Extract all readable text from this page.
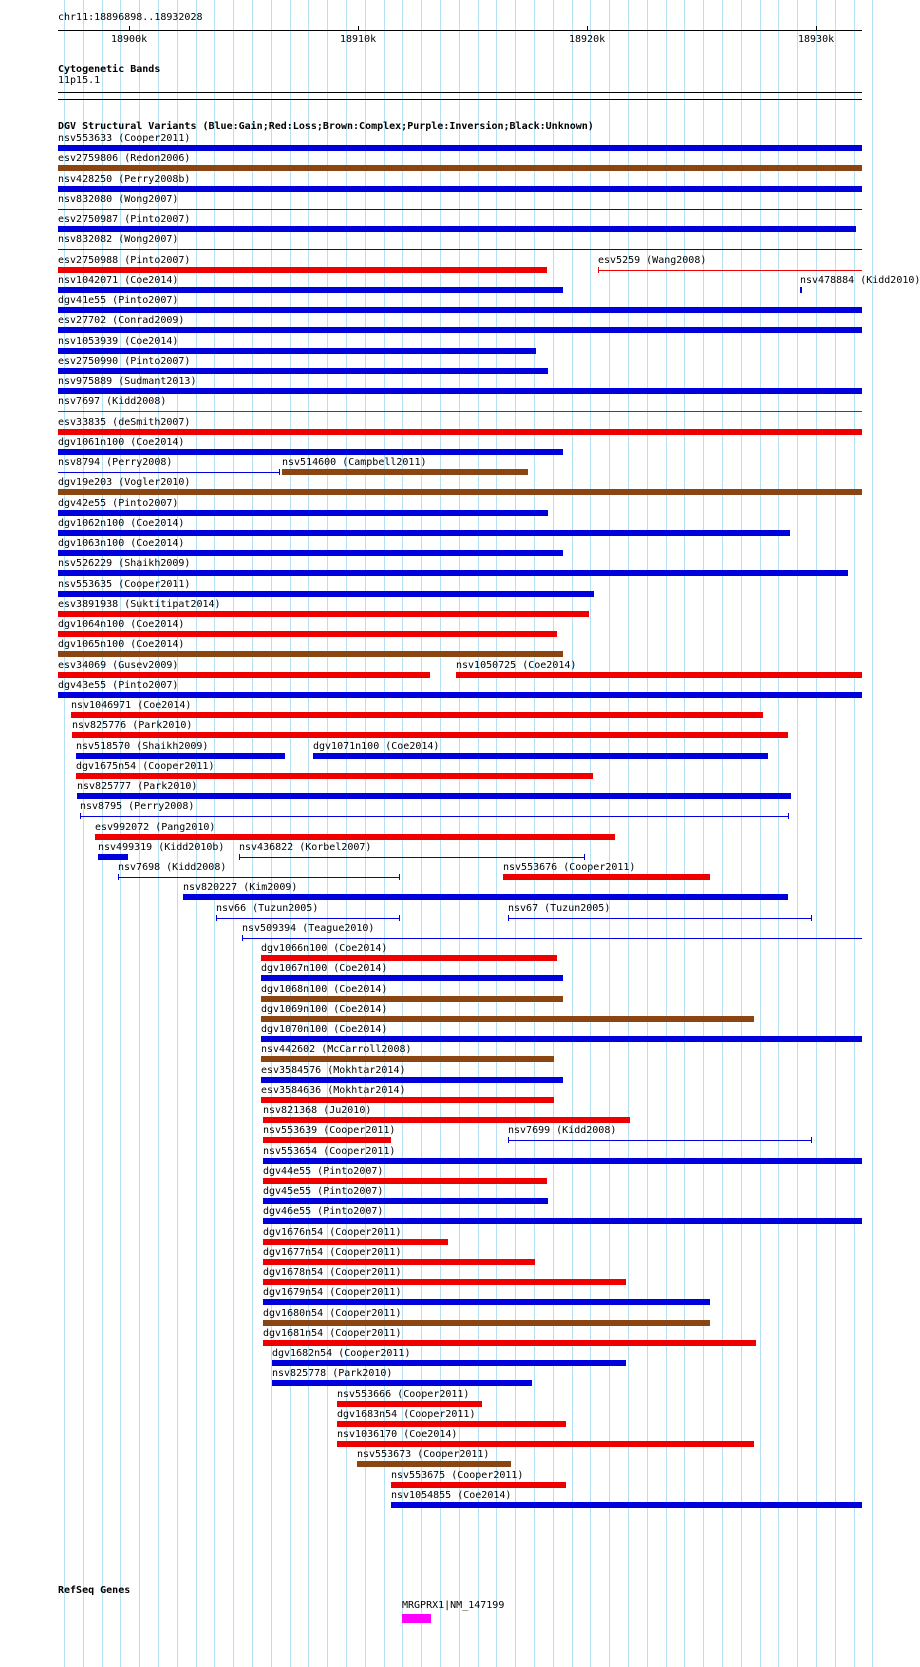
chr11:18896898..18932028
18900k	18910k	18920k	18930k
Cytogenetic Bands
11p15.1
DGV Structural Variants (Blue:Gain;Red:Loss;Brown:Complex;Purple:Inversion;Black:Unknown)
nsv553633 (Cooper2011)
esv2759806 (Redon2006)
nsv428250 (Perry2008b)
nsv832080 (Wong2007)
esv2750987 (Pinto2007)
nsv832082 (Wong2007)
esv2750988 (Pinto2007)	esv5259 (Wang2008)
nsv1042071 (Coe2014)	nsv478884 (Kidd2010)
dgv41e55 (Pinto2007)
esv27702 (Conrad2009)
nsv1053939 (Coe2014)
esv2750990 (Pinto2007)
nsv975889 (Sudmant2013)
nsv7697 (Kidd2008)
esv33835 (deSmith2007)
dgv1061n100 (Coe2014)
nsv8794 (Perry2008)	nsv514600 (Campbell2011)
dgv19e203 (Vogler2010)
dgv42e55 (Pinto2007)
dgv1062n100 (Coe2014)
dgv1063n100 (Coe2014)
nsv526229 (Shaikh2009)
nsv553635 (Cooper2011)
esv3891938 (Suktitipat2014)
dgv1064n100 (Coe2014)
dgv1065n100 (Coe2014)
esv34069 (Gusev2009)	nsv1050725 (Coe2014)
dgv43e55 (Pinto2007)
nsv1046971 (Coe2014)
nsv825776 (Park2010)
nsv518570 (Shaikh2009)	dgv1071n100 (Coe2014)
dgv1675n54 (Cooper2011)
nsv825777 (Park2010)
nsv8795 (Perry2008)
esv992072 (Pang2010)
nsv499319 (Kidd2010b) nsv436822 (Korbel2007)
nsv7698 (Kidd2008)	nsv553676 (Cooper2011)
nsv820227 (Kim2009)
nsv66 (Tuzun2005)	nsv67 (Tuzun2005)
nsv509394 (Teague2010)
dgv1066n100 (Coe2014)
dgv1067n100 (Coe2014)
dgv1068n100 (Coe2014)
dgv1069n100 (Coe2014)
dgv1070n100 (Coe2014)
nsv442602 (McCarroll2008)
esv3584576 (Mokhtar2014)
esv3584636 (Mokhtar2014)
nsv821368 (Ju2010)
nsv553639 (Cooper2011)	nsv7699 (Kidd2008)
nsv553654 (Cooper2011)
dgv44e55 (Pinto2007)
dgv45e55 (Pinto2007)
dgv46e55 (Pinto2007)
dgv1676n54 (Cooper2011)
dgv1677n54 (Cooper2011)
dgv1678n54 (Cooper2011)
dgv1679n54 (Cooper2011)
dgv1680n54 (Cooper2011)
dgv1681n54 (Cooper2011)
dgv1682n54 (Cooper2011)
nsv825778 (Park2010)
nsv553666 (Cooper2011)
dgv1683n54 (Cooper2011)
nsv1036170 (Coe2014)
nsv553673 (Cooper2011)
nsv553675 (Cooper2011)
nsv1054855 (Coe2014)
RefSeq Genes
MRGPRX1|NM_147199
